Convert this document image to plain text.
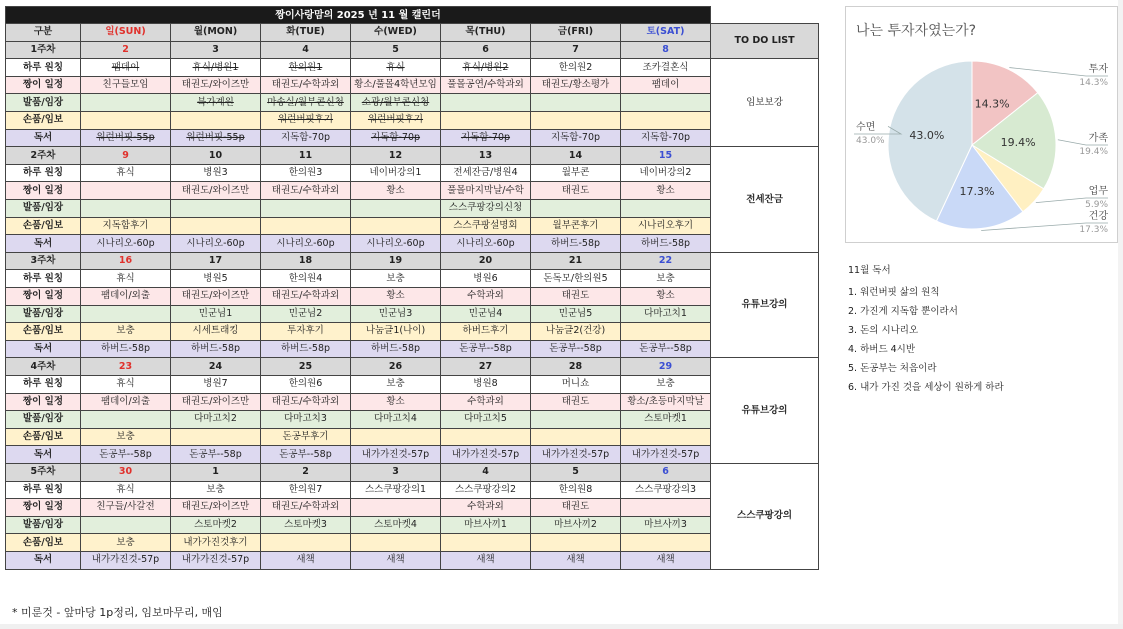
짱이사랑맘의 2025 년 11 월 캘린더								
구분	일(SUN)	월(MON)	화(TUE)	수(WED)	목(THU)	금(FRI)	토(SAT)	TO DO LIST
1주차	2	3	4	5	6	7	8	
하루 원칭	팸데이	휴식/병원1	한의원1	휴식	휴식/병원2	한의원2	조카결혼식	임보보강
짱이 일정	친구들모임	태권도/와이즈만	태권도/수학과외	황소/풀몰4학년모임	풀몰공연/수학과외	태권도/황소평가	팸데이	
발품/임장		북가계원	마송실/월부콘신청	소광/월부콘신청				
손품/임보			워런버핏후기	워런버핏후기				
독서	워런버핏-55p	워런버핏-55p	지독함-70p	지독함-70p	지독함-70p	지독함-70p	지독함-70p	
2주차	9	10	11	12	13	14	15	전세잔금
하루 원칭	휴식	병원3	한의원3	네이버강의1	전세잔금/병원4	월부콘	네이버강의2	
짱이 일정		태권도/와이즈만	태권도/수학과외	황소	풀몰마지막날/수학	태권도	황소	
발품/임장					스스쿠팡강의신청			
손품/임보	지독함후기				스스쿠팡설명회	월부콘후기	시나리오후기	
독서	시나리오-60p	시나리오-60p	시나리오-60p	시나리오-60p	시나리오-60p	하버드-58p	하버드-58p	
3주차	16	17	18	19	20	21	22	유튜브강의
하루 원칭	휴식	병원5	한의원4	보충	병원6	돈독모/한의원5	보충	
짱이 일정	팸데이/외출	태권도/와이즈만	태권도/수학과외	황소	수학과외	태권도	황소	
발품/임장		민군님1	민군님2	민군님3	민군님4	민군님5	다마고치1	
손품/임보	보충	시세트래킹	투자후기	나눔글1(나이)	하버드후기	나눔글2(건강)		
독서	하버드-58p	하버드-58p	하버드-58p	하버드-58p	돈공부--58p	돈공부--58p	돈공부--58p	
4주차	23	24	25	26	27	28	29	유튜브강의
하루 원칭	휴식	병원7	한의원6	보충	병원8	머니쇼	보충	
짱이 일정	팸데이/외출	태권도/와이즈만	태권도/수학과외	황소	수학과외	태권도	황소/초등마지막날	
발품/임장		다마고치2	다마고치3	다마고치4	다마고치5		스토마켓1	
손품/임보	보충		돈공부후기					
독서	돈공부--58p	돈공부--58p	돈공부--58p	내가가진것-57p	내가가진것-57p	내가가진것-57p	내가가진것-57p	
5주차	30	1	2	3	4	5	6	스스쿠팡강의
하루 원칭	휴식	보충	한의원7	스스쿠팡강의1	스스쿠팡강의2	한의원8	스스쿠팡강의3	
짱이 일정	친구들/사갈전	태권도/와이즈만	태권도/수학과외		수학과외	태권도		
발품/임장		스토마켓2	스토마켓3	스토마켓4	마브사끼1	마브사끼2	마브사끼3	
손품/임보	보충	내가가진것후기						
독서	내가가진것-57p	내가가진것-57p	새책	새책	새책	새책	새책	
나는 투자자였는가?
14.3%
투자
14.3%
19.4%	가족
19.4%
업무
5.9%
17.3%
건강
17.3%
43.0%
수면
43.0%
11월 독서
1. 워런버핏 삶의 원칙
2. 가진게 지독함 뿐이라서
3. 돈의 시나리오
4. 하버드 4시반
5. 돈공부는 처음이라
6. 내가 가진 것을 세상이 원하게 하라
* 미룬것 - 앞마당 1p정리, 임보마무리, 매임
